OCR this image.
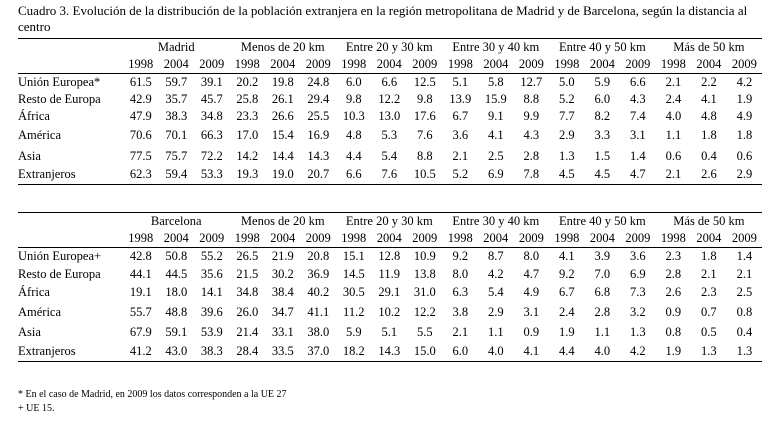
Cuadro 3. Evolución de la distribución de la población extranjera en la región metropolitana de Madrid y de Barcelona, según la distancia al centro
	Madrid			Menos de 20 km			Entre 20 y 30 km			Entre 30 y 40 km			Entre 40 y 50 km			Más de 50 km		
	1998	2004	2009	1998	2004	2009	1998	2004	2009	1998	2004	2009	1998	2004	2009	1998	2004	2009
Unión Europea*	61.5	59.7	39.1	20.2	19.8	24.8	6.0	6.6	12.5	5.1	5.8	12.7	5.0	5.9	6.6	2.1	2.2	4.2
Resto de Europa	42.9	35.7	45.7	25.8	26.1	29.4	9.8	12.2	9.8	13.9	15.9	8.8	5.2	6.0	4.3	2.4	4.1	1.9
África	47.9	38.3	34.8	23.3	26.6	25.5	10.3	13.0	17.6	6.7	9.1	9.9	7.7	8.2	7.4	4.0	4.8	4.9
América	70.6	70.1	66.3	17.0	15.4	16.9	4.8	5.3	7.6	3.6	4.1	4.3	2.9	3.3	3.1	1.1	1.8	1.8
Asia	77.5	75.7	72.2	14.2	14.4	14.3	4.4	5.4	8.8	2.1	2.5	2.8	1.3	1.5	1.4	0.6	0.4	0.6
Extranjeros	62.3	59.4	53.3	19.3	19.0	20.7	6.6	7.6	10.5	5.2	6.9	7.8	4.5	4.5	4.7	2.1	2.6	2.9
	Barcelona			Menos de 20 km			Entre 20 y 30 km			Entre 30 y 40 km			Entre 40 y 50 km			Más de 50 km		
	1998	2004	2009	1998	2004	2009	1998	2004	2009	1998	2004	2009	1998	2004	2009	1998	2004	2009
Unión Europea+	42.8	50.8	55.2	26.5	21.9	20.8	15.1	12.8	10.9	9.2	8.7	8.0	4.1	3.9	3.6	2.3	1.8	1.4
Resto de Europa	44.1	44.5	35.6	21.5	30.2	36.9	14.5	11.9	13.8	8.0	4.2	4.7	9.2	7.0	6.9	2.8	2.1	2.1
África	19.1	18.0	14.1	34.8	38.4	40.2	30.5	29.1	31.0	6.3	5.4	4.9	6.7	6.8	7.3	2.6	2.3	2.5
América	55.7	48.8	39.6	26.0	34.7	41.1	11.2	10.2	12.2	3.8	2.9	3.1	2.4	2.8	3.2	0.9	0.7	0.8
Asia	67.9	59.1	53.9	21.4	33.1	38.0	5.9	5.1	5.5	2.1	1.1	0.9	1.9	1.1	1.3	0.8	0.5	0.4
Extranjeros	41.2	43.0	38.3	28.4	33.5	37.0	18.2	14.3	15.0	6.0	4.0	4.1	4.4	4.0	4.2	1.9	1.3	1.3
* En el caso de Madrid, en 2009 los datos corresponden a la UE 27
+ UE 15.
